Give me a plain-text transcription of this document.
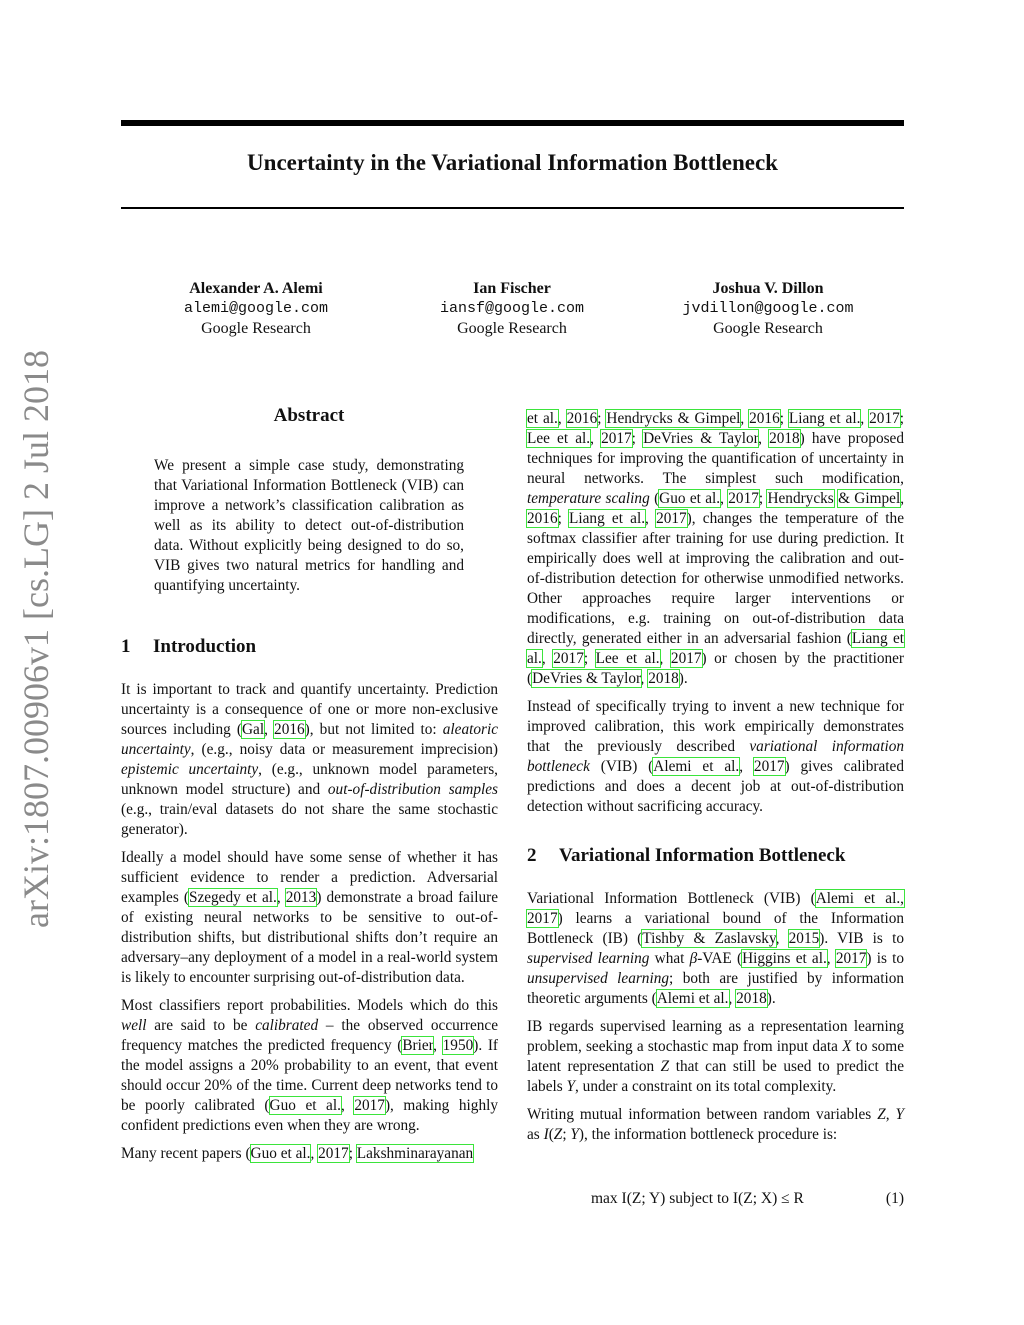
Uncertainty in the Variational Information Bottleneck
arXiv:1807.00906v1 [cs.LG] 2 Jul 2018
Alexander A. Alemi
alemi@google.com
Google Research
Ian Fischer
iansf@google.com
Google Research
Joshua V. Dillon
jvdillon@google.com
Google Research
Abstract

We present a simple case study, demonstrating that Variational Information Bottleneck (VIB) can improve a network’s classification calibration as well as its ability to detect out-of-distribution data. Without explicitly being designed to do so, VIB gives two natural metrics for handling and quantifying uncertainty.

1 Introduction

It is important to track and quantify uncertainty. Prediction uncertainty is a consequence of one or more non-exclusive sources including (Gal, 2016), but not limited to: aleatoric uncertainty, (e.g., noisy data or measurement imprecision) epistemic uncertainty, (e.g., unknown model parameters, unknown model structure) and out-of-distribution samples (e.g., train/eval datasets do not share the same stochastic generator).

Ideally a model should have some sense of whether it has sufficient evidence to render a prediction. Adversarial examples (Szegedy et al., 2013) demonstrate a broad failure of existing neural networks to be sensitive to out-of-distribution shifts, but distributional shifts don’t require an adversary–any deployment of a model in a real-world system is likely to encounter surprising out-of-distribution data.

Most classifiers report probabilities. Models which do this well are said to be calibrated – the observed occurrence frequency matches the predicted frequency (Brier, 1950). If the model assigns a 20% probability to an event, that event should occur 20% of the time. Current deep networks tend to be poorly calibrated (Guo et al., 2017), making highly confident predictions even when they are wrong.

Many recent papers (Guo et al., 2017; Lakshminarayanan

et al., 2016; Hendrycks & Gimpel, 2016; Liang et al., 2017; Lee et al., 2017; DeVries & Taylor, 2018) have proposed techniques for improving the quantification of uncertainty in neural networks. The simplest such modification, temperature scaling (Guo et al., 2017; Hendrycks & Gimpel, 2016; Liang et al., 2017), changes the temperature of the softmax classifier after training for use during prediction. It empirically does well at improving the calibration and out-of-distribution detection for otherwise unmodified networks. Other approaches require larger interventions or modifications, e.g. training on out-of-distribution data directly, generated either in an adversarial fashion (Liang et al., 2017; Lee et al., 2017) or chosen by the practitioner (DeVries & Taylor, 2018).

Instead of specifically trying to invent a new technique for improved calibration, this work empirically demonstrates that the previously described variational information bottleneck (VIB) (Alemi et al., 2017) gives calibrated predictions and does a decent job at out-of-distribution detection without sacrificing accuracy.

2 Variational Information Bottleneck

Variational Information Bottleneck (VIB) (Alemi et al., 2017) learns a variational bound of the Information Bottleneck (IB) (Tishby & Zaslavsky, 2015). VIB is to supervised learning what β-VAE (Higgins et al., 2017) is to unsupervised learning; both are justified by information theoretic arguments (Alemi et al., 2018).

IB regards supervised learning as a representation learning problem, seeking a stochastic map from input data X to some latent representation Z that can still be used to predict the labels Y, under a constraint on its total complexity.

Writing mutual information between random variables Z, Y as I(Z; Y), the information bottleneck procedure is:

max I(Z; Y) subject to I(Z; X) ≤ R	(1)
